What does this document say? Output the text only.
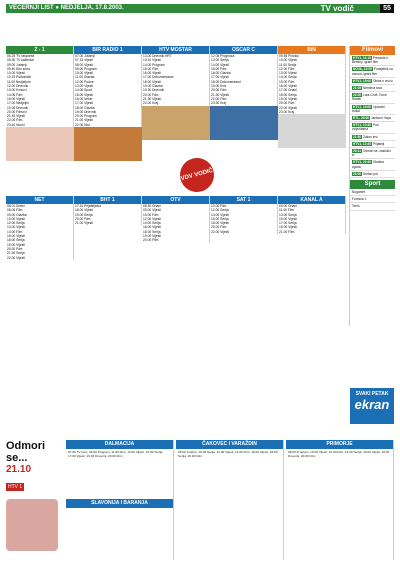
VEČERNJI LIST ● NEDJELJA, 17.8.2003.	TV vodič	55
Z - 1
06.25 TV raspored
06.30 TV kalendar
09.00 Jutarnji
09.40 Eko zona
10.00 Vijesti
10.15 Psihološki
11.00 Nedjeljom
12.00 Dnevnik
13.00 Kvizovi
14.05 Film
16.00 Vijesti
17.00 Nedjeljni
19.05 Dnevnik
20.00 Filmovi
21.45 Vijesti
22.00 Film
23.40 Noćni
BIR RADIO 1
07.00 Jutarnji
07.15 Vijesti
08.00 Vijesti
09.00 Program
10.00 Vijesti
11.00 Glazba
12.00 Podne
13.00 Vijesti
14.00 Sport
15.00 Vijesti
16.00 Večer
17.00 Vijesti
18.00 Glazba
19.00 Dnevnik
20.00 Program
21.00 Vijesti
22.00 Noć
HTV MOSTAR
13.00 Dnevnik HRT
13.10 Vijesti
14.00 Program
15.00 Film
16.00 Vijesti
17.00 Dokumentarac
18.00 Vijesti
19.00 Glazba
19.30 Dnevnik
20.00 Film
21.30 Vijesti
22.00 Kraj
OSCAR C
12.05 Prognoza
13.00 Serija
14.00 Vijesti
15.00 Film
16.00 Glazba
17.00 Vijesti
18.00 Dokumentarni
19.00 Kviz
20.00 Film
21.30 Vijesti
22.00 Film
23.30 Kraj
BiN
09.55 Pinokio
10.00 Vijesti
11.00 Serija
12.00 Film
13.00 Vijesti
14.00 Serija
15.00 Film
16.00 Vijesti
17.00 Crtani
18.00 Serija
19.00 Vijesti
20.00 Film
22.00 Vijesti
23.00 Kraj
NET
08.01 Sretni
08.05 Film
09.00 Glazba
10.00 Vijesti
12.00 Serija
13.00 Vijesti
14.00 Film
16.00 Vijesti
18.00 Serija
19.00 Vijesti
20.00 Film
21.30 Serija
22.00 Vijesti
BHT 1
17.10 Prijateljstvo
18.00 Vijesti
19.00 Serija
20.00 Film
21.00 Vijesti
OTV
08.30 Crtani
09.00 Vijesti
10.00 Film
12.00 Vijesti
14.00 Serija
16.00 Vijesti
18.00 Serija
19.00 Vijesti
20.00 Film
SAT 1
10.00 Film
12.00 Serija
14.00 Vijesti
16.00 Serija
18.00 Vijesti
20.00 Film
22.00 Vijesti
KANAL A
09.00 Crtani
11.00 Film
13.00 Serija
15.00 Vijesti
17.00 Serija
19.00 Vijesti
21.00 Film
VDV VODIČ
Filmovi
HTV1, 11:15 Prevarila u Berkley, igrani film
NOVA, 12:00 Podsjetnik za razvod, igrani film
HTV1, 15:00 Oblak u vruću
21:05 Nemirna srca
23:20 Lara Croft: Tomb Raider
HTV1, 15:00 Ljubavni trokut
RTL, 20:00 Jackson Hops
HTV1, 10:30 Pod zvijezdama
21:50 Zakon krvi
HTV1, 13:40 Prijatelji
23:11 Odmori se, zaslužio si
HTV1, 22:40 Strašna zgoda
23:00 Sretan put
Sport
Nogomet
Formula 1
Tenis
SVAKI PETAK
ekran
Odmori se...
21.10
HTV 1
DALMACIJA
07.00 TV jutro, 09.00 Program, 11.00 Film, 13.00 Vijesti, 15.00 Serija, 17.00 Vijesti, 19.00 Dnevnik, 20.00 Film
SLAVONIJA I BARANJA
ČAKOVEC I VARAŽDIN
08.00 Jutarnji, 10.00 Serija, 12.00 Vijesti, 14.00 Film, 16.00 Vijesti, 18.00 Serija, 20.00 Film
PRIMORJE
08.00 Program, 10.00 Vijesti, 12.00 Film, 14.00 Serija, 16.00 Vijesti, 18.00 Dnevnik, 20.00 Film
